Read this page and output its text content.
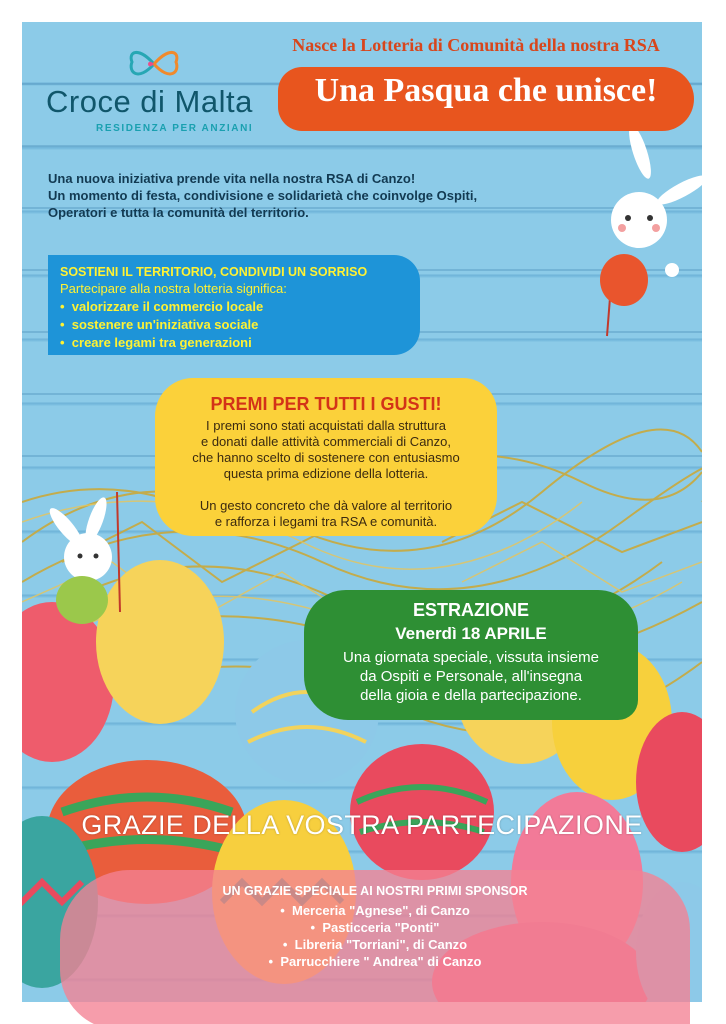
Croce di Malta
RESIDENZA PER ANZIANI
Nasce la Lotteria di Comunità della nostra RSA
Una Pasqua che unisce!
Una nuova iniziativa prende vita nella nostra RSA di Canzo!
Un momento di festa, condivisione e solidarietà che coinvolge Ospiti,
Operatori e tutta la comunità del territorio.
SOSTIENI IL TERRITORIO, CONDIVIDI UN SORRISO
Partecipare alla nostra lotteria significa:
•  valorizzare il commercio locale
•  sostenere un'iniziativa sociale
•  creare legami tra generazioni
PREMI PER TUTTI I GUSTI!
I premi sono stati acquistati dalla struttura
e donati dalle attività commerciali di Canzo,
che hanno scelto di sostenere con entusiasmo
questa prima edizione della lotteria.
Un gesto concreto che dà valore al territorio
e rafforza i legami tra RSA e comunità.
ESTRAZIONE
Venerdì 18 APRILE
Una giornata speciale, vissuta insieme
da Ospiti e Personale, all'insegna
della gioia e della partecipazione.
GRAZIE DELLA VOSTRA PARTECIPAZIONE
UN GRAZIE SPECIALE AI NOSTRI PRIMI SPONSOR
•  Merceria "Agnese", di Canzo
•  Pasticceria "Ponti"
•  Libreria "Torriani", di Canzo
•  Parrucchiere " Andrea" di Canzo
